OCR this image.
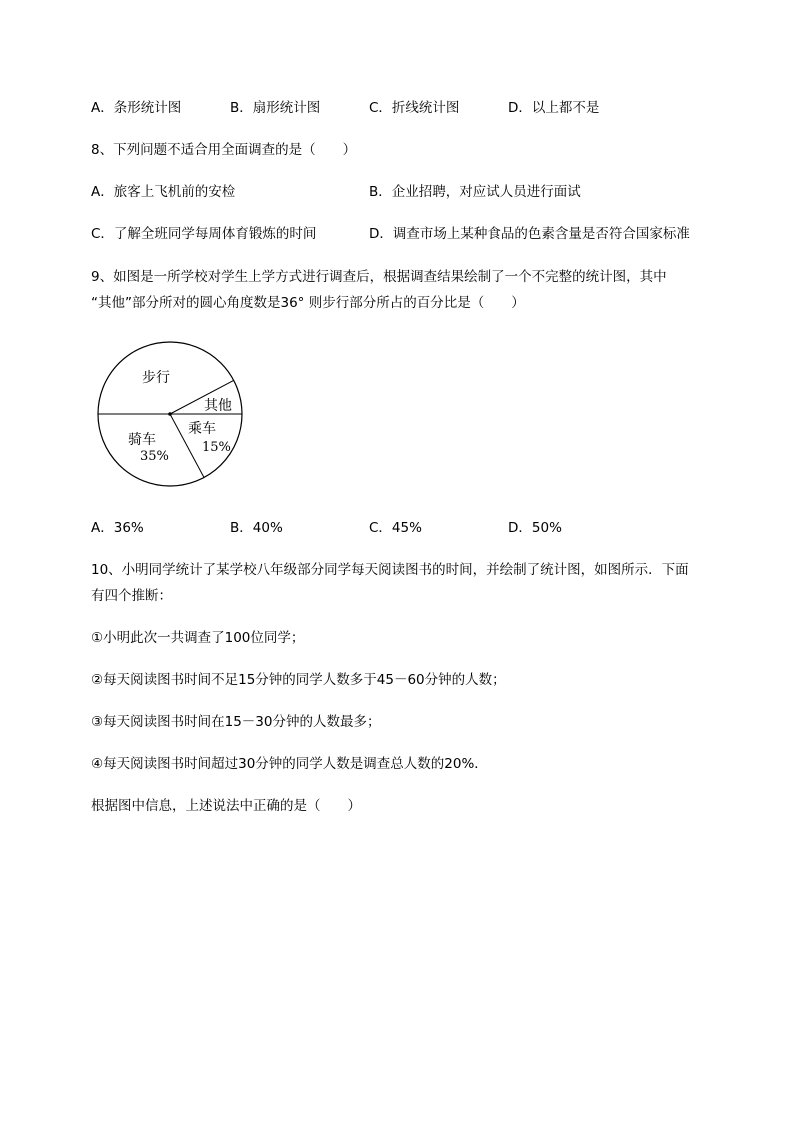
A．条形统计图	B．扇形统计图	C．折线统计图	D．以上都不是
8、下列问题不适合用全面调查的是（　　）
A．旅客上飞机前的安检	B．企业招聘，对应试人员进行面试
C．了解全班同学每周体育锻炼的时间	D．调查市场上某种食品的色素含量是否符合国家标准
9、如图是一所学校对学生上学方式进行调查后，根据调查结果绘制了一个不完整的统计图，其中
“其他”部分所对的圆心角度数是36° 则步行部分所占的百分比是（　　）
步行
其他
乘车
15%
骑车
35%
A．36%	B．40%	C．45%	D．50%
10、小明同学统计了某学校八年级部分同学每天阅读图书的时间，并绘制了统计图，如图所示．下面
有四个推断：
①小明此次一共调查了100位同学；
②每天阅读图书时间不足15分钟的同学人数多于45－60分钟的人数；
③每天阅读图书时间在15－30分钟的人数最多；
④每天阅读图书时间超过30分钟的同学人数是调查总人数的20%．
根据图中信息，上述说法中正确的是（　　）
